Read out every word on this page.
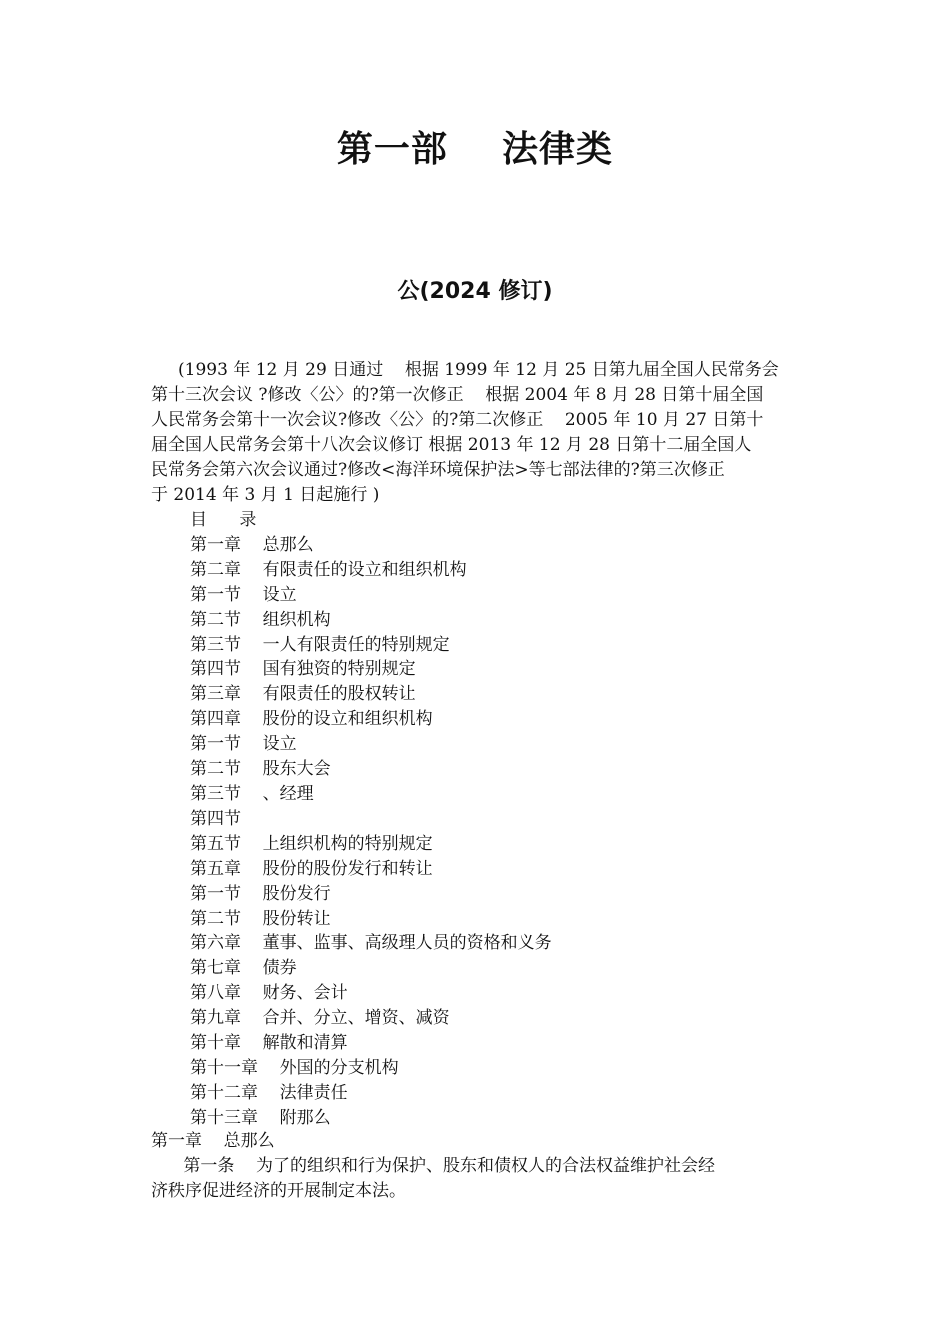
第一部    法律类
公(2024 修订)
(1993 年 12 月 29 日通过    根据 1999 年 12 月 25 日第九届全国人民常务会
第十三次会议 ?修改〈公〉的?第一次修正    根据 2004 年 8 月 28 日第十届全国
人民常务会第十一次会议?修改〈公〉的?第二次修正    2005 年 10 月 27 日第十
届全国人民常务会第十八次会议修订 根据 2013 年 12 月 28 日第十二届全国人
民常务会第六次会议通过?修改<海洋环境保护法>等七部法律的?第三次修正
于 2014 年 3 月 1 日起施行 )
目      录
第一章    总那么
第二章    有限责任的设立和组织机构
第一节    设立
第二节    组织机构
第三节    一人有限责任的特别规定
第四节    国有独资的特别规定
第三章    有限责任的股权转让
第四章    股份的设立和组织机构
第一节    设立
第二节    股东大会
第三节    、经理
第四节
第五节    上组织机构的特别规定
第五章    股份的股份发行和转让
第一节    股份发行
第二节    股份转让
第六章    董事、监事、高级理人员的资格和义务
第七章    债券
第八章    财务、会计
第九章    合并、分立、增资、减资
第十章    解散和清算
第十一章    外国的分支机构
第十二章    法律责任
第十三章    附那么
第一章    总那么
第一条    为了的组织和行为保护、股东和债权人的合法权益维护社会经
济秩序促进经济的开展制定本法。
